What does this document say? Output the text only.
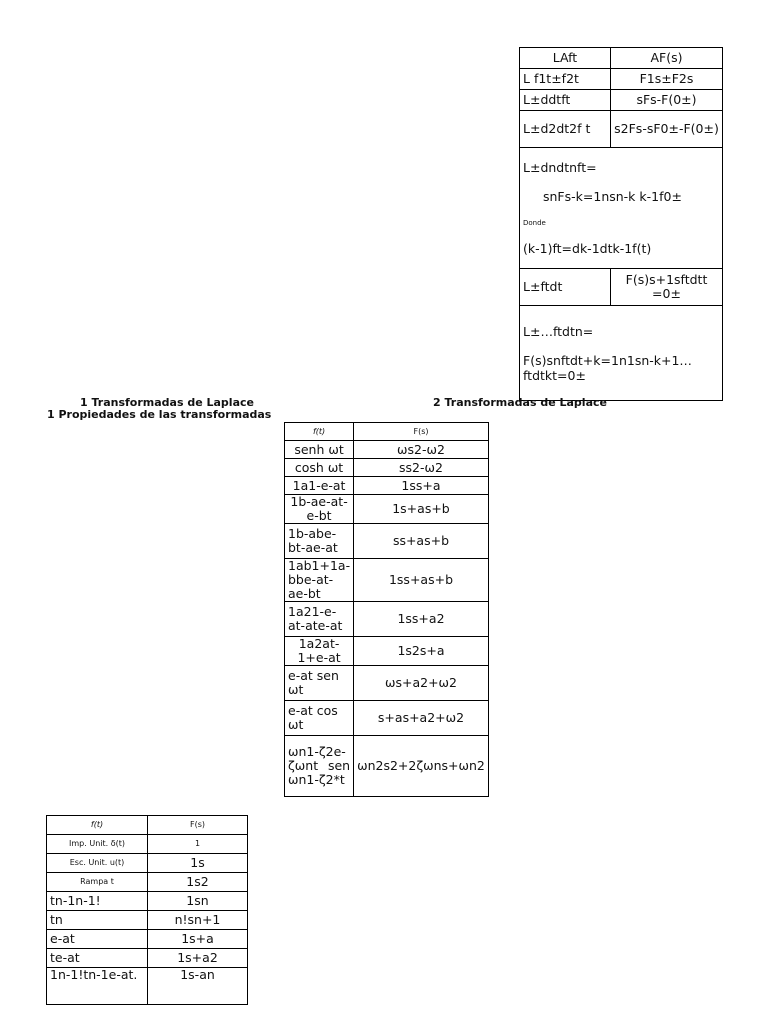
LAft	AF(s)
L f1t±f2t	F1s±F2s
L±ddtft	sFs-F(0±)
L±d2dt2f t	s2Fs-sF0±-F(0±)

L±dndtnft=
snFs-k=1nsn-k k-1f0±
Donde
(k-1)ft=dk-1dtk-1f(t)	

L±ftdt	F(s)s+1sftdtt =0±

L±…ftdtn=
F(s)snftdt+k=1n1sn-k+1…ftdtkt=0±	
1 Transformadas de Laplace
1 Propiedades de las transformadas
2 Transformadas de Laplace
f(t)	F(s)
senh ωt	ωs2-ω2
cosh ωt	ss2-ω2
1a1-e-at	1ss+a
1b-ae-at-e-bt	1s+as+b
1b-abe-bt-ae-at	ss+as+b
1ab1+1a-bbe-at-ae-bt	1ss+as+b
1a21-e-at-ate-at	1ss+a2
1a2at-1+e-at	1s2s+a
e-at sen ωt	ωs+a2+ω2
e-at cos ωt	s+as+a2+ω2
ωn1-ζ2e-ζωnt sen ωn1-ζ2*t	ωn2s2+2ζωns+ωn2
f(t)	F(s)
Imp. Unit. δ(t)	1
Esc. Unit. u(t)	1s
Rampa t	1s2
tn-1n-1!	1sn
tn	n!sn+1
e-at	1s+a
te-at	1s+a2
1n-1!tn-1e-at.	1s-an
